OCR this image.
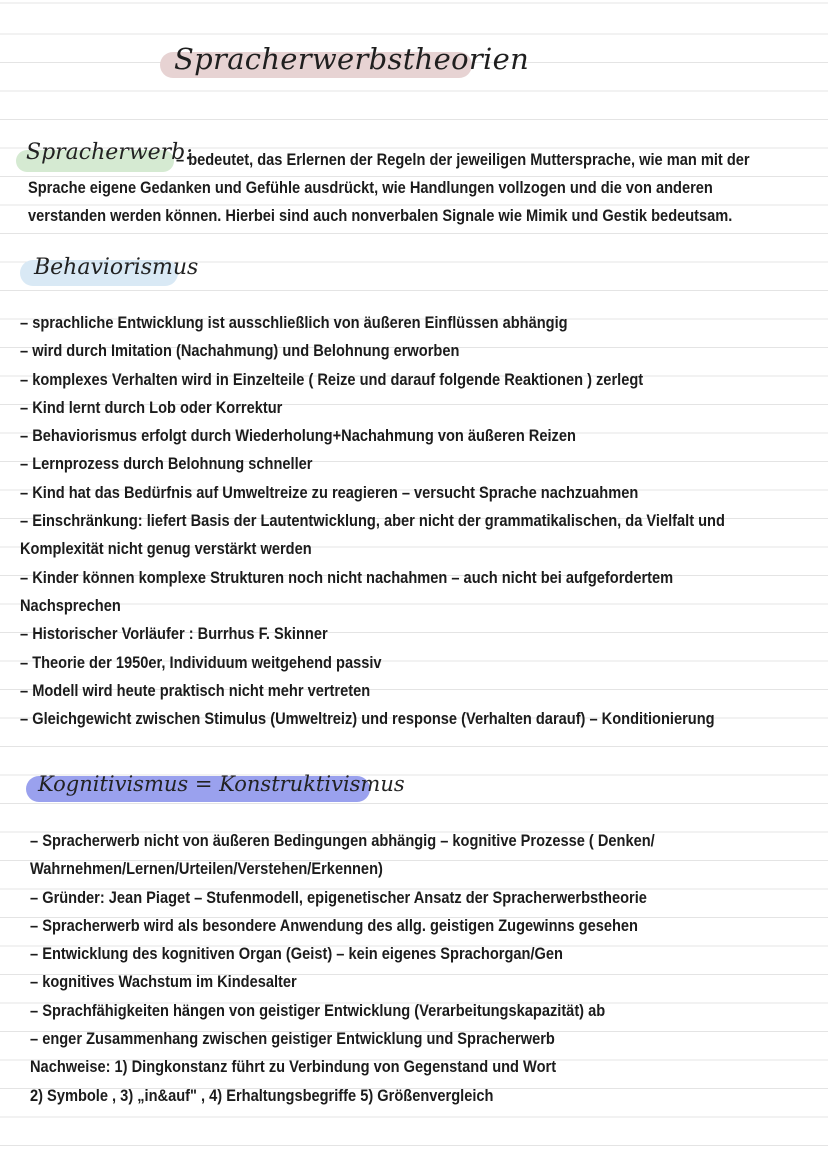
Spracherwerbstheorien
Spracherwerb:
– bedeutet, das Erlernen der Regeln der jeweiligen Muttersprache, wie man mit der
Sprache eigene Gedanken und Gefühle ausdrückt, wie Handlungen vollzogen und die von anderen
verstanden werden können. Hierbei sind auch nonverbalen Signale wie Mimik und Gestik bedeutsam.
Behaviorismus
– sprachliche Entwicklung ist ausschließlich von äußeren Einflüssen abhängig
– wird durch Imitation (Nachahmung) und Belohnung erworben
– komplexes Verhalten wird in Einzelteile ( Reize und darauf folgende Reaktionen ) zerlegt
– Kind lernt durch Lob oder Korrektur
– Behaviorismus erfolgt durch Wiederholung+Nachahmung von äußeren Reizen
– Lernprozess durch Belohnung schneller
– Kind hat das Bedürfnis auf Umweltreize zu reagieren – versucht Sprache nachzuahmen
– Einschränkung: liefert Basis der Lautentwicklung, aber nicht der grammatikalischen, da Vielfalt und
Komplexität nicht genug verstärkt werden
– Kinder können komplexe Strukturen noch nicht nachahmen – auch nicht bei aufgefordertem
Nachsprechen
– Historischer Vorläufer : Burrhus F. Skinner
– Theorie der 1950er, Individuum weitgehend passiv
– Modell wird heute praktisch nicht mehr vertreten
– Gleichgewicht zwischen Stimulus (Umweltreiz) und response (Verhalten darauf) – Konditionierung
Kognitivismus = Konstruktivismus
– Spracherwerb nicht von äußeren Bedingungen abhängig – kognitive Prozesse ( Denken/
Wahrnehmen/Lernen/Urteilen/Verstehen/Erkennen)
– Gründer: Jean Piaget – Stufenmodell, epigenetischer Ansatz der Spracherwerbstheorie
– Spracherwerb wird als besondere Anwendung des allg. geistigen Zugewinns gesehen
– Entwicklung des kognitiven Organ (Geist) – kein eigenes Sprachorgan/Gen
– kognitives Wachstum im Kindesalter
– Sprachfähigkeiten hängen von geistiger Entwicklung (Verarbeitungskapazität) ab
– enger Zusammenhang zwischen geistiger Entwicklung und Spracherwerb
Nachweise: 1) Dingkonstanz führt zu Verbindung von Gegenstand und Wort
2) Symbole , 3) „in&auf" , 4) Erhaltungsbegriffe 5) Größenvergleich
